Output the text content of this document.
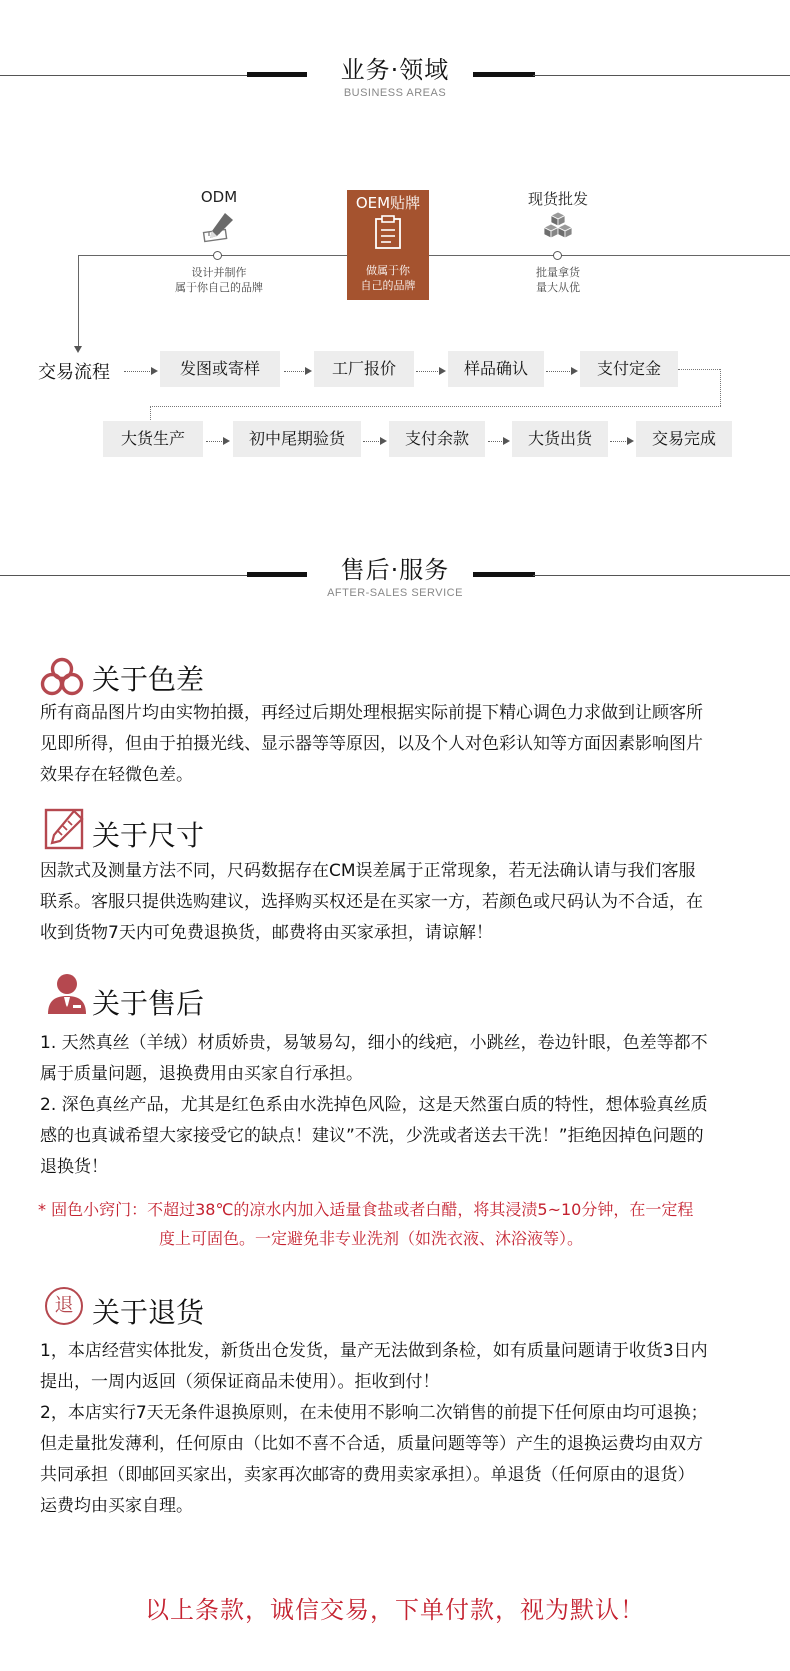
业务·领域
BUSINESS AREAS
ODM
设计并制作
属于你自己的品牌
OEM贴牌
做属于你
自己的品牌
现货批发
批量拿货
量大从优
交易流程	发图或寄样	工厂报价	样品确认	支付定金
大货生产	初中尾期验货	支付余款	大货出货	交易完成
售后·服务
AFTER-SALES SERVICE
关于色差
所有商品图片均由实物拍摄，再经过后期处理根据实际前提下精心调色力求做到让顾客所
见即所得，但由于拍摄光线、显示器等等原因，以及个人对色彩认知等方面因素影响图片
效果存在轻微色差。
关于尺寸
因款式及测量方法不同，尺码数据存在CM误差属于正常现象，若无法确认请与我们客服
联系。客服只提供选购建议，选择购买权还是在买家一方，若颜色或尺码认为不合适，在
收到货物7天内可免费退换货，邮费将由买家承担，请谅解！
关于售后
1. 天然真丝（羊绒）材质娇贵，易皱易勾，细小的线疤，小跳丝，卷边针眼，色差等都不
属于质量问题，退换费用由买家自行承担。
2. 深色真丝产品，尤其是红色系由水洗掉色风险，这是天然蛋白质的特性，想体验真丝质
感的也真诚希望大家接受它的缺点！建议”不洗，少洗或者送去干洗！”拒绝因掉色问题的
退换货！
* 固色小窍门：不超过38℃的凉水内加入适量食盐或者白醋，将其浸渍5~10分钟，在一定程
度上可固色。一定避免非专业洗剂（如洗衣液、沐浴液等）。
退 关于退货
1，本店经营实体批发，新货出仓发货，量产无法做到条检，如有质量问题请于收货3日内
提出，一周内返回（须保证商品未使用）。拒收到付！
2，本店实行7天无条件退换原则，在未使用不影响二次销售的前提下任何原由均可退换；
但走量批发薄利，任何原由（比如不喜不合适，质量问题等等）产生的退换运费均由双方
共同承担（即邮回买家出，卖家再次邮寄的费用卖家承担）。单退货（任何原由的退货）
运费均由买家自理。
以上条款，诚信交易，下单付款，视为默认！
